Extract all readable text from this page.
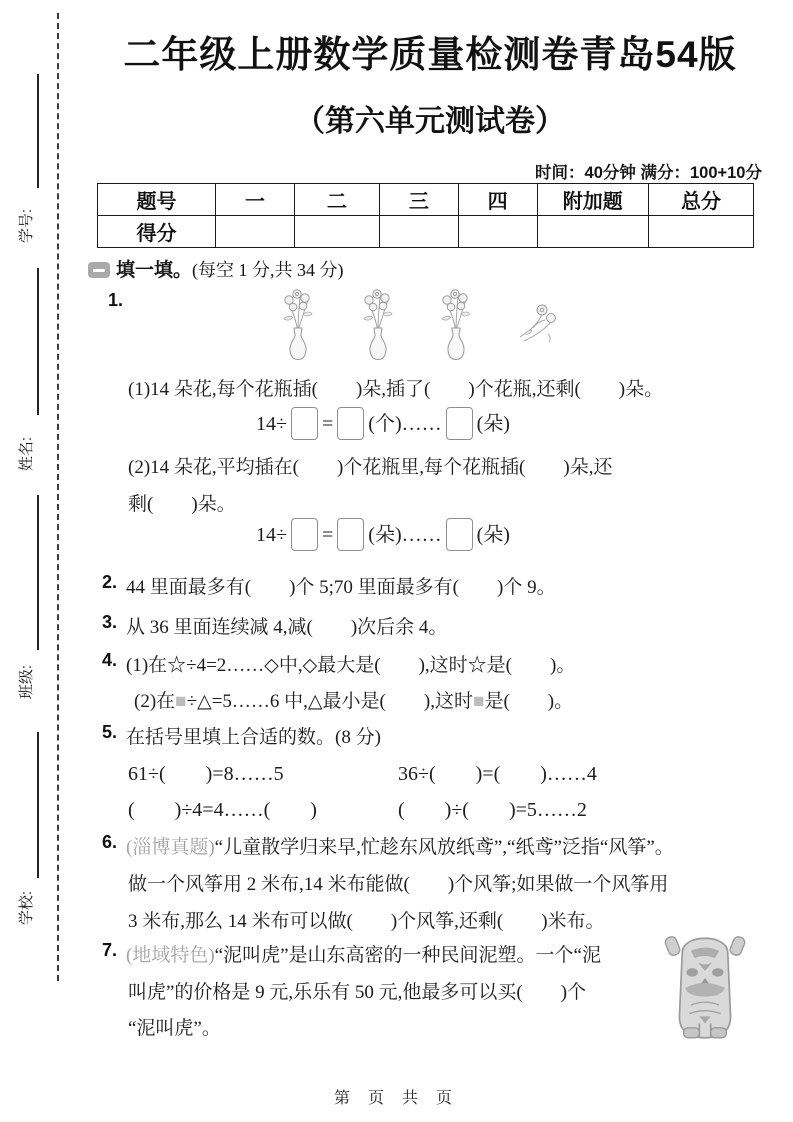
学号:
姓名:
班级:
学校:
二年级上册数学质量检测卷青岛54版
（第六单元测试卷）
时间：40分钟 满分：100+10分
题号	一	二	三	四	附加题	总分
得分						
填一填。(每空 1 分,共 34 分)
1.
(1)14 朵花,每个花瓶插(　　)朵,插了(　　)个花瓶,还剩(　　)朵。
14÷ = (个)…… (朵)
(2)14 朵花,平均插在(　　)个花瓶里,每个花瓶插(　　)朵,还
剩(　　)朵。
14÷ = (朵)…… (朵)
2. 44 里面最多有(　　)个 5;70 里面最多有(　　)个 9。
3. 从 36 里面连续减 4,减(　　)次后余 4。
4. (1)在☆÷4=2……◇中,◇最大是(　　),这时☆是(　　)。
(2)在■÷△=5……6 中,△最小是(　　),这时■是(　　)。
5. 在括号里填上合适的数。(8 分)
61÷(　　)=8……5	36÷(　　)=(　　)……4
(　　)÷4=4……(　　)	(　　)÷(　　)=5……2
6. (淄博真题)“儿童散学归来早,忙趁东风放纸鸢”,“纸鸢”泛指“风筝”。
做一个风筝用 2 米布,14 米布能做(　　)个风筝;如果做一个风筝用
3 米布,那么 14 米布可以做(　　)个风筝,还剩(　　)米布。
7. (地域特色)“泥叫虎”是山东高密的一种民间泥塑。一个“泥
叫虎”的价格是 9 元,乐乐有 50 元,他最多可以买(　　)个
“泥叫虎”。
第 页 共 页
